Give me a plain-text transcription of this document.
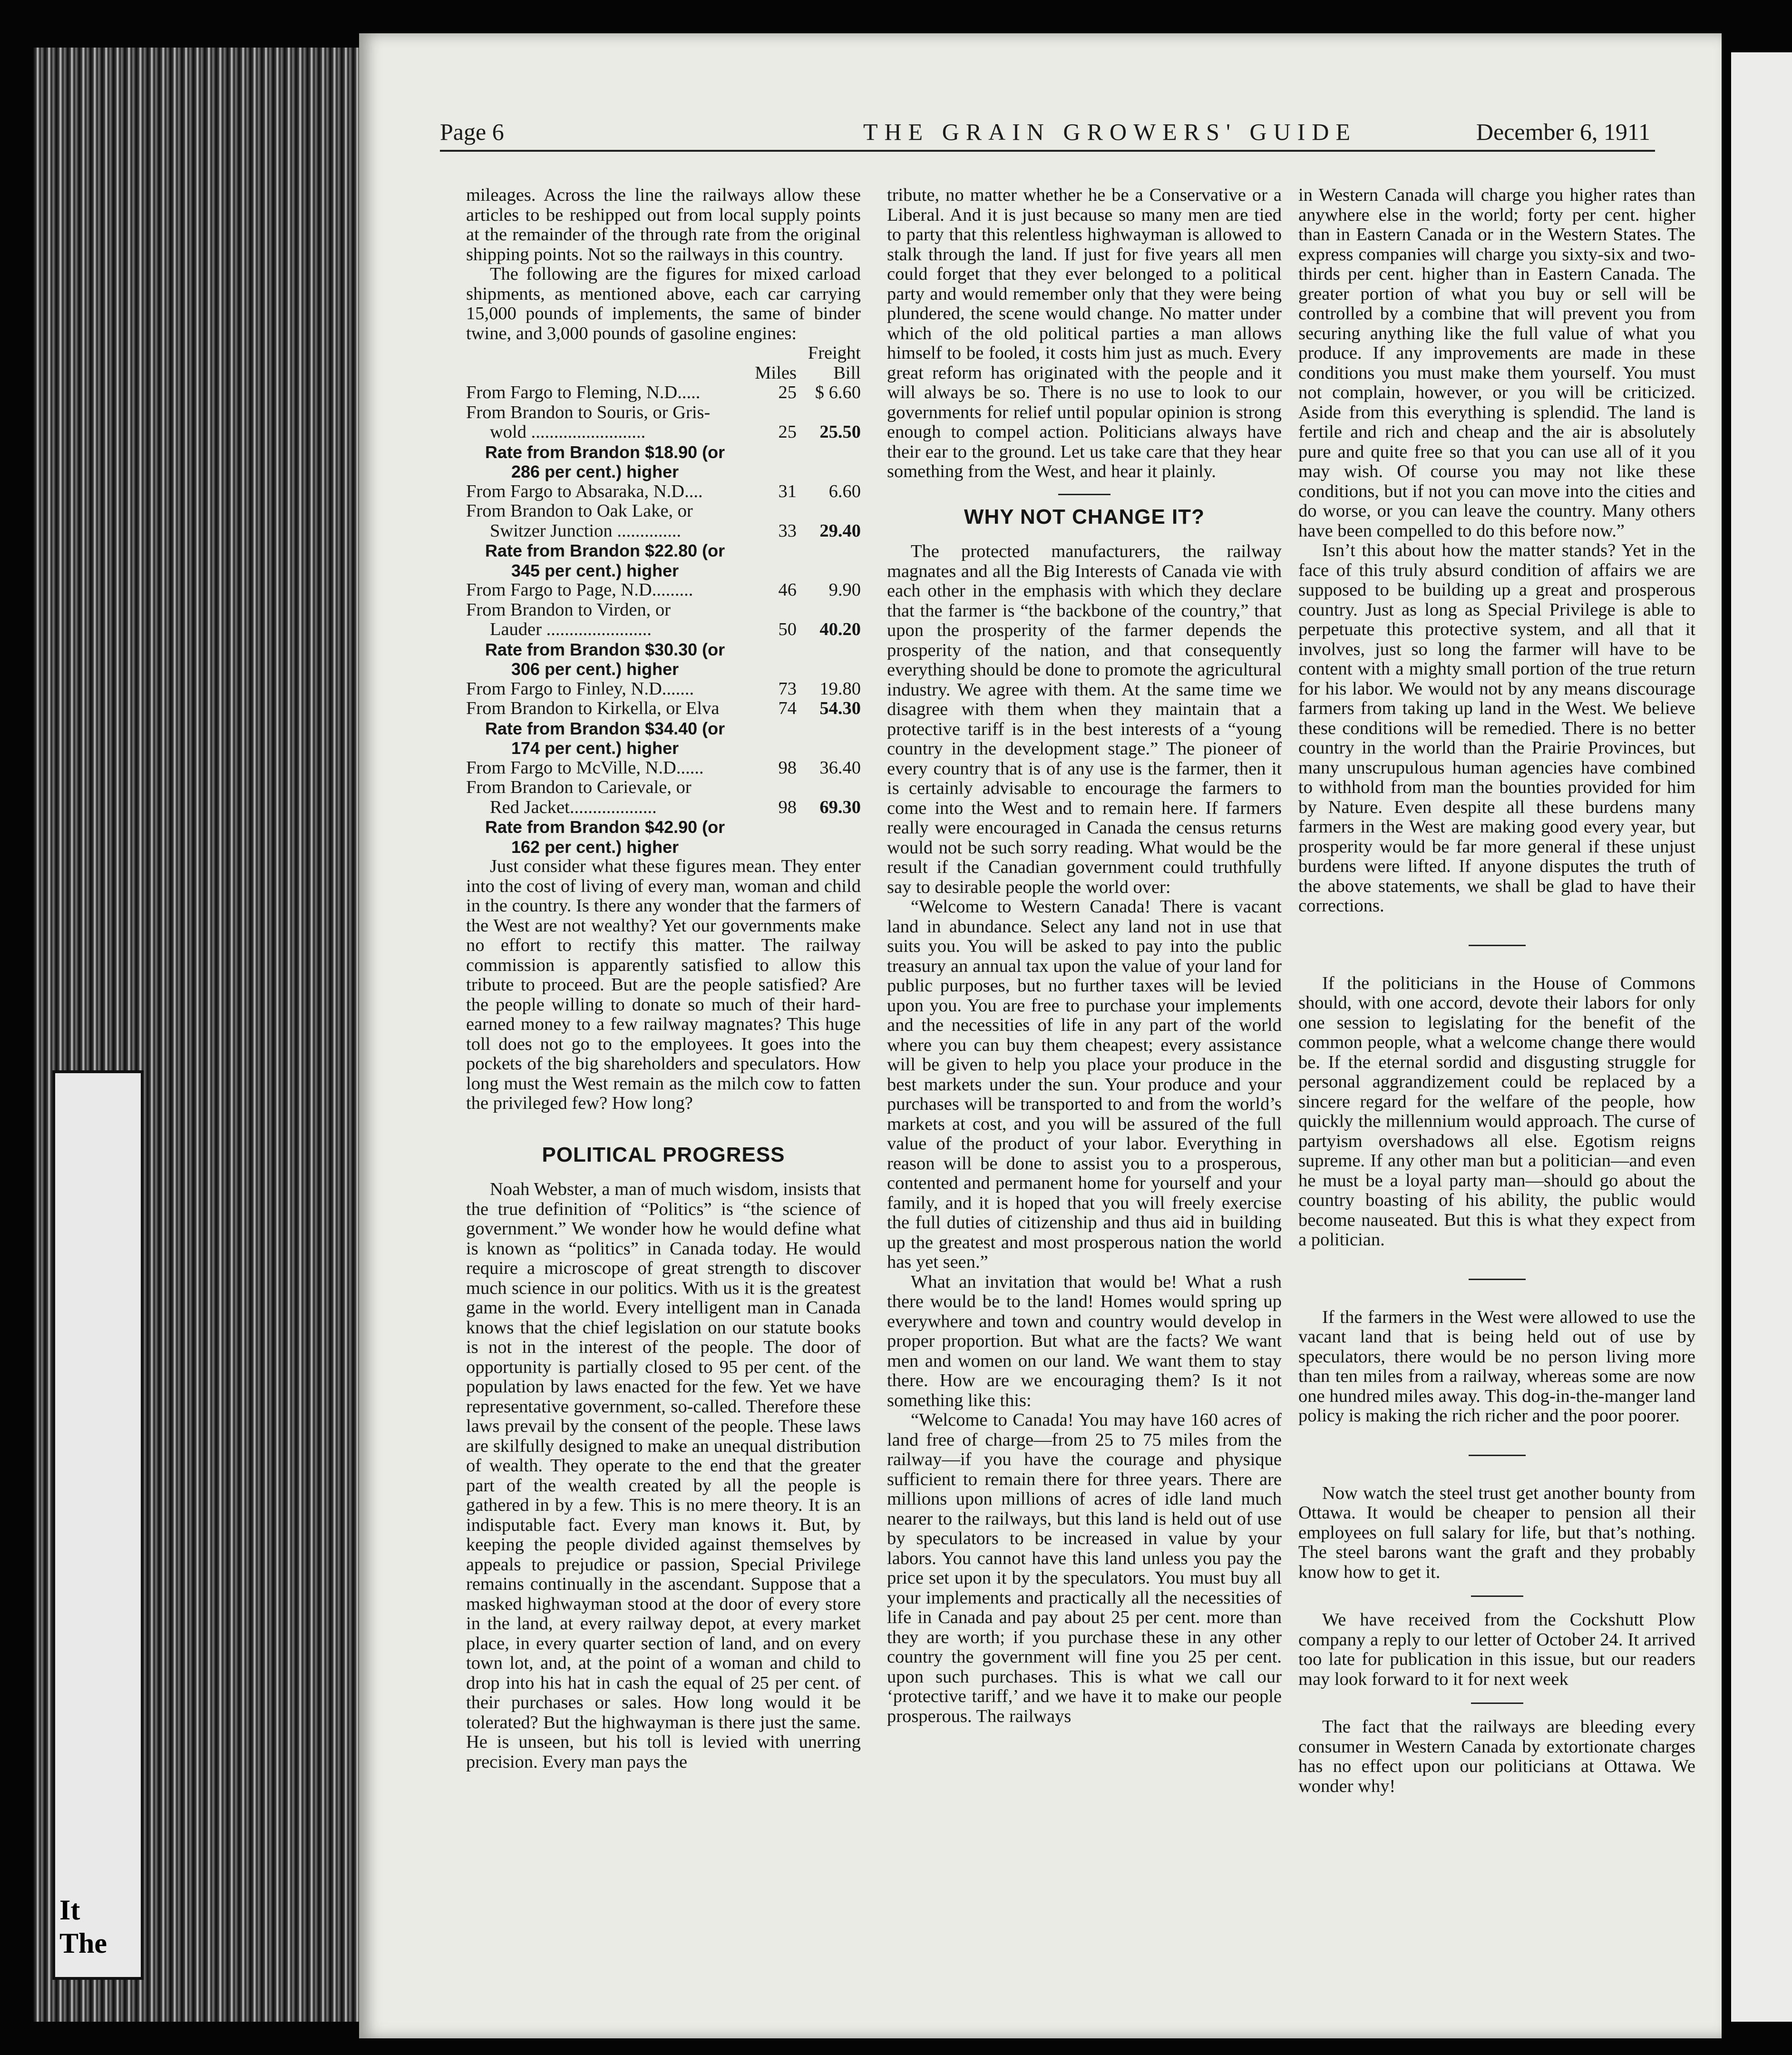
It
The
Page 6	THE GRAIN GROWERS' GUIDE	December 6, 1911

mileages. Across the line the railways allow these articles to be reshipped out from local supply points at the remainder of the through rate from the original shipping points. Not so the railways in this country.

The following are the figures for mixed carload shipments, as mentioned above, each car carrying 15,000 pounds of implements, the same of binder twine, and 3,000 pounds of gasoline engines:

		Freight
	Miles	Bill
From Fargo to Fleming, N.D.....	25	$ 6.60
From Brandon to Souris, or Gris-		
wold .........................	25	25.50
Rate from Brandon $18.90 (or		
286 per cent.) higher		
From Fargo to Absaraka, N.D....	31	6.60
From Brandon to Oak Lake, or		
Switzer Junction ..............	33	29.40
Rate from Brandon $22.80 (or		
345 per cent.) higher		
From Fargo to Page, N.D.........	46	9.90
From Brandon to Virden, or		
Lauder .......................	50	40.20
Rate from Brandon $30.30 (or		
306 per cent.) higher		
From Fargo to Finley, N.D.......	73	19.80
From Brandon to Kirkella, or Elva	74	54.30
Rate from Brandon $34.40 (or		
174 per cent.) higher		
From Fargo to McVille, N.D......	98	36.40
From Brandon to Carievale, or		
Red Jacket...................	98	69.30
Rate from Brandon $42.90 (or		
162 per cent.) higher		

Just consider what these figures mean. They enter into the cost of living of every man, woman and child in the country. Is there any wonder that the farmers of the West are not wealthy? Yet our governments make no effort to rectify this matter. The railway commission is apparently satisfied to allow this tribute to proceed. But are the people satisfied? Are the people willing to donate so much of their hard-earned money to a few railway magnates? This huge toll does not go to the employees. It goes into the pockets of the big shareholders and speculators. How long must the West remain as the milch cow to fatten the privileged few? How long?

POLITICAL PROGRESS

Noah Webster, a man of much wisdom, insists that the true definition of “Politics” is “the science of government.” We wonder how he would define what is known as “politics” in Canada today. He would require a microscope of great strength to discover much science in our politics. With us it is the greatest game in the world. Every intelligent man in Canada knows that the chief legislation on our statute books is not in the interest of the people. The door of opportunity is partially closed to 95 per cent. of the population by laws enacted for the few. Yet we have representative government, so-called. Therefore these laws prevail by the consent of the people. These laws are skilfully designed to make an unequal distribution of wealth. They operate to the end that the greater part of the wealth created by all the people is gathered in by a few. This is no mere theory. It is an indisputable fact. Every man knows it. But, by keeping the people divided against themselves by appeals to prejudice or passion, Special Privilege remains continually in the ascendant. Suppose that a masked highwayman stood at the door of every store in the land, at every railway depot, at every market place, in every quarter section of land, and on every town lot, and, at the point of a woman and child to drop into his hat in cash the equal of 25 per cent. of their purchases or sales. How long would it be tolerated? But the highwayman is there just the same. He is unseen, but his toll is levied with unerring precision. Every man pays the

tribute, no matter whether he be a Conservative or a Liberal. And it is just because so many men are tied to party that this relentless highwayman is allowed to stalk through the land. If just for five years all men could forget that they ever belonged to a political party and would remember only that they were being plundered, the scene would change. No matter under which of the old political parties a man allows himself to be fooled, it costs him just as much. Every great reform has originated with the people and it will always be so. There is no use to look to our governments for relief until popular opinion is strong enough to compel action. Politicians always have their ear to the ground. Let us take care that they hear something from the West, and hear it plainly.

WHY NOT CHANGE IT?

The protected manufacturers, the railway magnates and all the Big Interests of Canada vie with each other in the emphasis with which they declare that the farmer is “the backbone of the country,” that upon the prosperity of the farmer depends the prosperity of the nation, and that consequently everything should be done to promote the agricultural industry. We agree with them. At the same time we disagree with them when they maintain that a protective tariff is in the best interests of a “young country in the development stage.” The pioneer of every country that is of any use is the farmer, then it is certainly advisable to encourage the farmers to come into the West and to remain here. If farmers really were encouraged in Canada the census returns would not be such sorry reading. What would be the result if the Canadian government could truthfully say to desirable people the world over:

“Welcome to Western Canada! There is vacant land in abundance. Select any land not in use that suits you. You will be asked to pay into the public treasury an annual tax upon the value of your land for public purposes, but no further taxes will be levied upon you. You are free to purchase your implements and the necessities of life in any part of the world where you can buy them cheapest; every assistance will be given to help you place your produce in the best markets under the sun. Your produce and your purchases will be transported to and from the world’s markets at cost, and you will be assured of the full value of the product of your labor. Everything in reason will be done to assist you to a prosperous, contented and permanent home for yourself and your family, and it is hoped that you will freely exercise the full duties of citizenship and thus aid in building up the greatest and most prosperous nation the world has yet seen.”

What an invitation that would be! What a rush there would be to the land! Homes would spring up everywhere and town and country would develop in proper proportion. But what are the facts? We want men and women on our land. We want them to stay there. How are we encouraging them? Is it not something like this:

“Welcome to Canada! You may have 160 acres of land free of charge—from 25 to 75 miles from the railway—if you have the courage and physique sufficient to remain there for three years. There are millions upon millions of acres of idle land much nearer to the railways, but this land is held out of use by speculators to be increased in value by your labors. You cannot have this land unless you pay the price set upon it by the speculators. You must buy all your implements and practically all the necessities of life in Canada and pay about 25 per cent. more than they are worth; if you purchase these in any other country the government will fine you 25 per cent. upon such purchases. This is what we call our ‘protective tariff,’ and we have it to make our people prosperous. The railways

in Western Canada will charge you higher rates than anywhere else in the world; forty per cent. higher than in Eastern Canada or in the Western States. The express companies will charge you sixty-six and two-thirds per cent. higher than in Eastern Canada. The greater portion of what you buy or sell will be controlled by a combine that will prevent you from securing anything like the full value of what you produce. If any improvements are made in these conditions you must make them yourself. You must not complain, however, or you will be criticized. Aside from this everything is splendid. The land is fertile and rich and cheap and the air is absolutely pure and quite free so that you can use all of it you may wish. Of course you may not like these conditions, but if not you can move into the cities and do worse, or you can leave the country. Many others have been compelled to do this before now.”

Isn’t this about how the matter stands? Yet in the face of this truly absurd condition of affairs we are supposed to be building up a great and prosperous country. Just as long as Special Privilege is able to perpetuate this protective system, and all that it involves, just so long the farmer will have to be content with a mighty small portion of the true return for his labor. We would not by any means discourage farmers from taking up land in the West. We believe these conditions will be remedied. There is no better country in the world than the Prairie Provinces, but many unscrupulous human agencies have combined to withhold from man the bounties provided for him by Nature. Even despite all these burdens many farmers in the West are making good every year, but prosperity would be far more general if these unjust burdens were lifted. If anyone disputes the truth of the above statements, we shall be glad to have their corrections.

If the politicians in the House of Commons should, with one accord, devote their labors for only one session to legislating for the benefit of the common people, what a welcome change there would be. If the eternal sordid and disgusting struggle for personal aggrandizement could be replaced by a sincere regard for the welfare of the people, how quickly the millennium would approach. The curse of partyism overshadows all else. Egotism reigns supreme. If any other man but a politician—and even he must be a loyal party man—should go about the country boasting of his ability, the public would become nauseated. But this is what they expect from a politician.

If the farmers in the West were allowed to use the vacant land that is being held out of use by speculators, there would be no person living more than ten miles from a railway, whereas some are now one hundred miles away. This dog-in-the-manger land policy is making the rich richer and the poor poorer.

Now watch the steel trust get another bounty from Ottawa. It would be cheaper to pension all their employees on full salary for life, but that’s nothing. The steel barons want the graft and they probably know how to get it.

We have received from the Cockshutt Plow company a reply to our letter of October 24. It arrived too late for publication in this issue, but our readers may look forward to it for next week

The fact that the railways are bleeding every consumer in Western Canada by extortionate charges has no effect upon our politicians at Ottawa. We wonder why!
